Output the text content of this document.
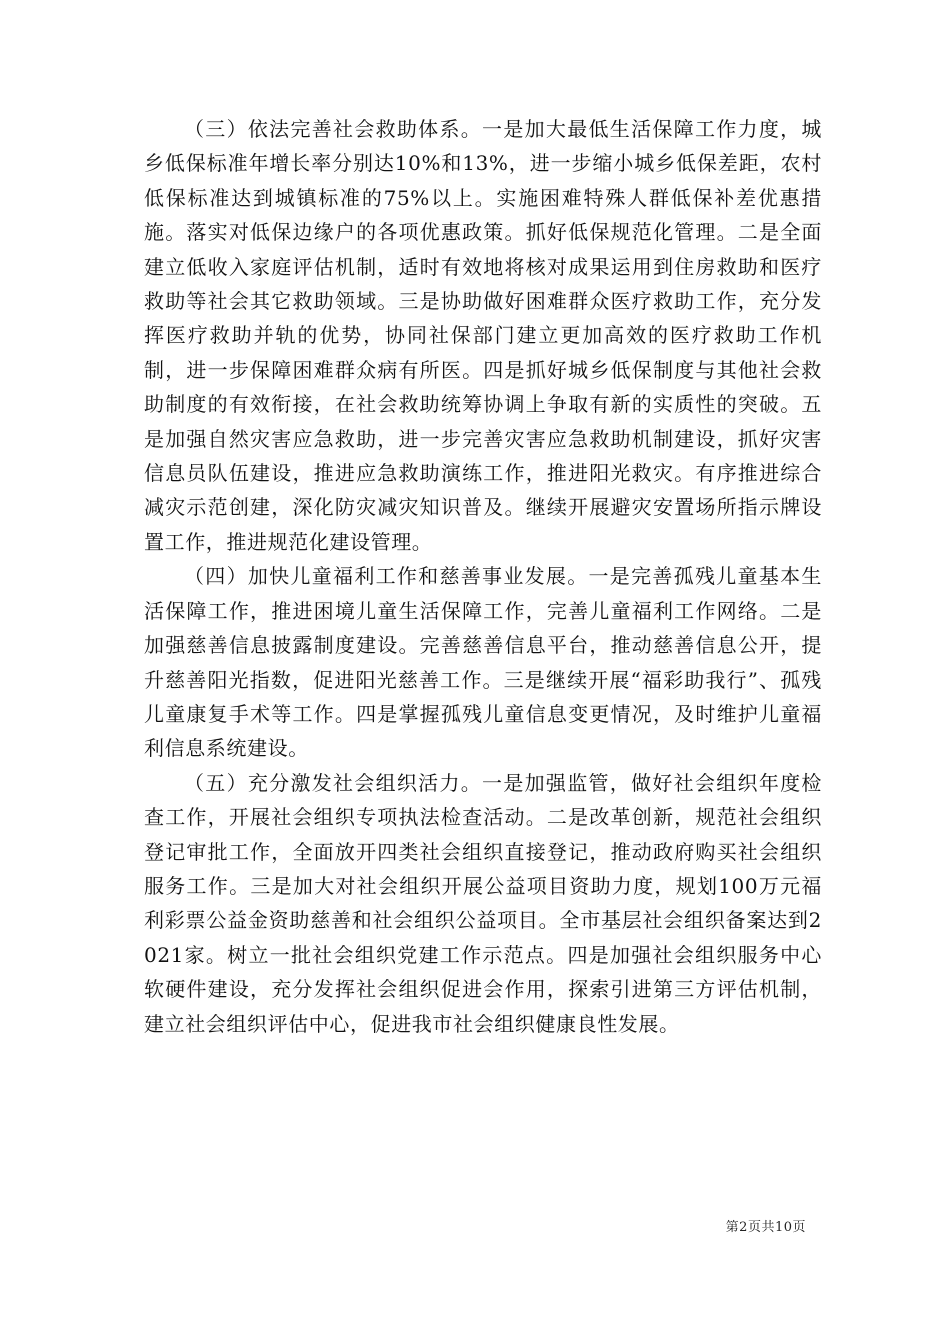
（三）依法完善社会救助体系。一是加大最低生活保障工作力度，城乡低保标准年增长率分别达10%和13%，进一步缩小城乡低保差距，农村低保标准达到城镇标准的75%以上。实施困难特殊人群低保补差优惠措施。落实对低保边缘户的各项优惠政策。抓好低保规范化管理。二是全面建立低收入家庭评估机制，适时有效地将核对成果运用到住房救助和医疗救助等社会其它救助领域。三是协助做好困难群众医疗救助工作，充分发挥医疗救助并轨的优势，协同社保部门建立更加高效的医疗救助工作机制，进一步保障困难群众病有所医。四是抓好城乡低保制度与其他社会救助制度的有效衔接，在社会救助统筹协调上争取有新的实质性的突破。五是加强自然灾害应急救助，进一步完善灾害应急救助机制建设，抓好灾害信息员队伍建设，推进应急救助演练工作，推进阳光救灾。有序推进综合减灾示范创建，深化防灾减灾知识普及。继续开展避灾安置场所指示牌设置工作，推进规范化建设管理。

（四）加快儿童福利工作和慈善事业发展。一是完善孤残儿童基本生活保障工作，推进困境儿童生活保障工作，完善儿童福利工作网络。二是加强慈善信息披露制度建设。完善慈善信息平台，推动慈善信息公开，提升慈善阳光指数，促进阳光慈善工作。三是继续开展“福彩助我行”、孤残儿童康复手术等工作。四是掌握孤残儿童信息变更情况，及时维护儿童福利信息系统建设。

（五）充分激发社会组织活力。一是加强监管，做好社会组织年度检查工作，开展社会组织专项执法检查活动。二是改革创新，规范社会组织登记审批工作，全面放开四类社会组织直接登记，推动政府购买社会组织服务工作。三是加大对社会组织开展公益项目资助力度，规划100万元福利彩票公益金资助慈善和社会组织公益项目。全市基层社会组织备案达到2021家。树立一批社会组织党建工作示范点。四是加强社会组织服务中心软硬件建设，充分发挥社会组织促进会作用，探索引进第三方评估机制，建立社会组织评估中心，促进我市社会组织健康良性发展。

第2页共10页
